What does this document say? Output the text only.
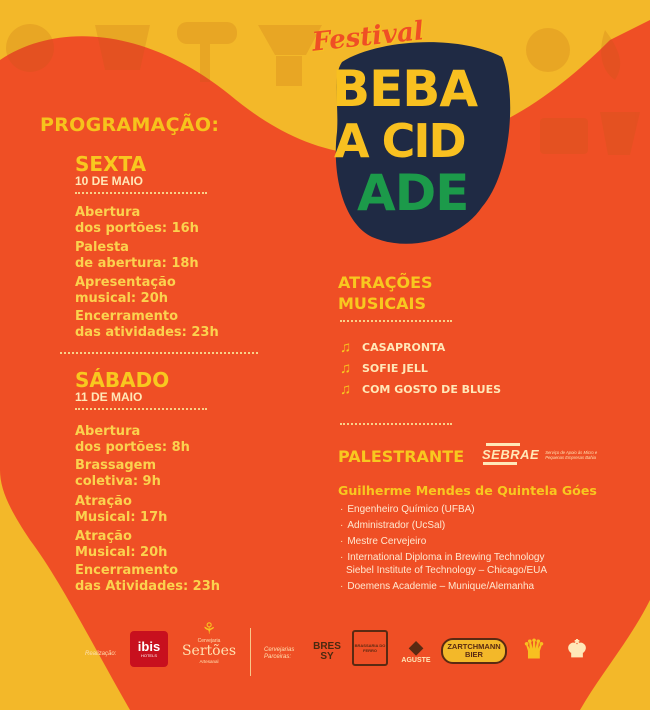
Festival
BEBA
A CID
ADE
PROGRAMAÇÃO:
SEXTA
10 DE MAIO
Abertura
dos portões: 16h
Palesta
de abertura: 18h
Apresentação
musical: 20h
Encerramento
das atividades: 23h
SÁBADO
11 DE MAIO
Abertura
dos portões: 8h
Brassagem
coletiva: 9h
Atração
Musical: 17h
Atração
Musical: 20h
Encerramento
das Atividades: 23h
ATRAÇÕES
MUSICAIS
♫ CASAPRONTA
♫ SOFIE JELL
♫ COM GOSTO DE BLUES
PALESTRANTE SEBRAE	Serviço de Apoio às Micro e Pequenas Empresas Bahia
Guilherme Mendes de Quintela Góes
· Engenheiro Químico (UFBA)
· Administrador (UcSal)
· Mestre Cervejeiro
· International Diploma in Brewing Technology
Siebel Institute of Technology – Chicago/EUA
· Doemens Academie – Munique/Alemanha
Realização: ibis
HOTELS
⚘
Cervejaria
Sertões
Artesanal
Cervejarias Parceiras:
BRESSY
BRASSARIA DO FERRO	◆
AGUSTE
ZARTCHMANN BIER	♛ ♚
